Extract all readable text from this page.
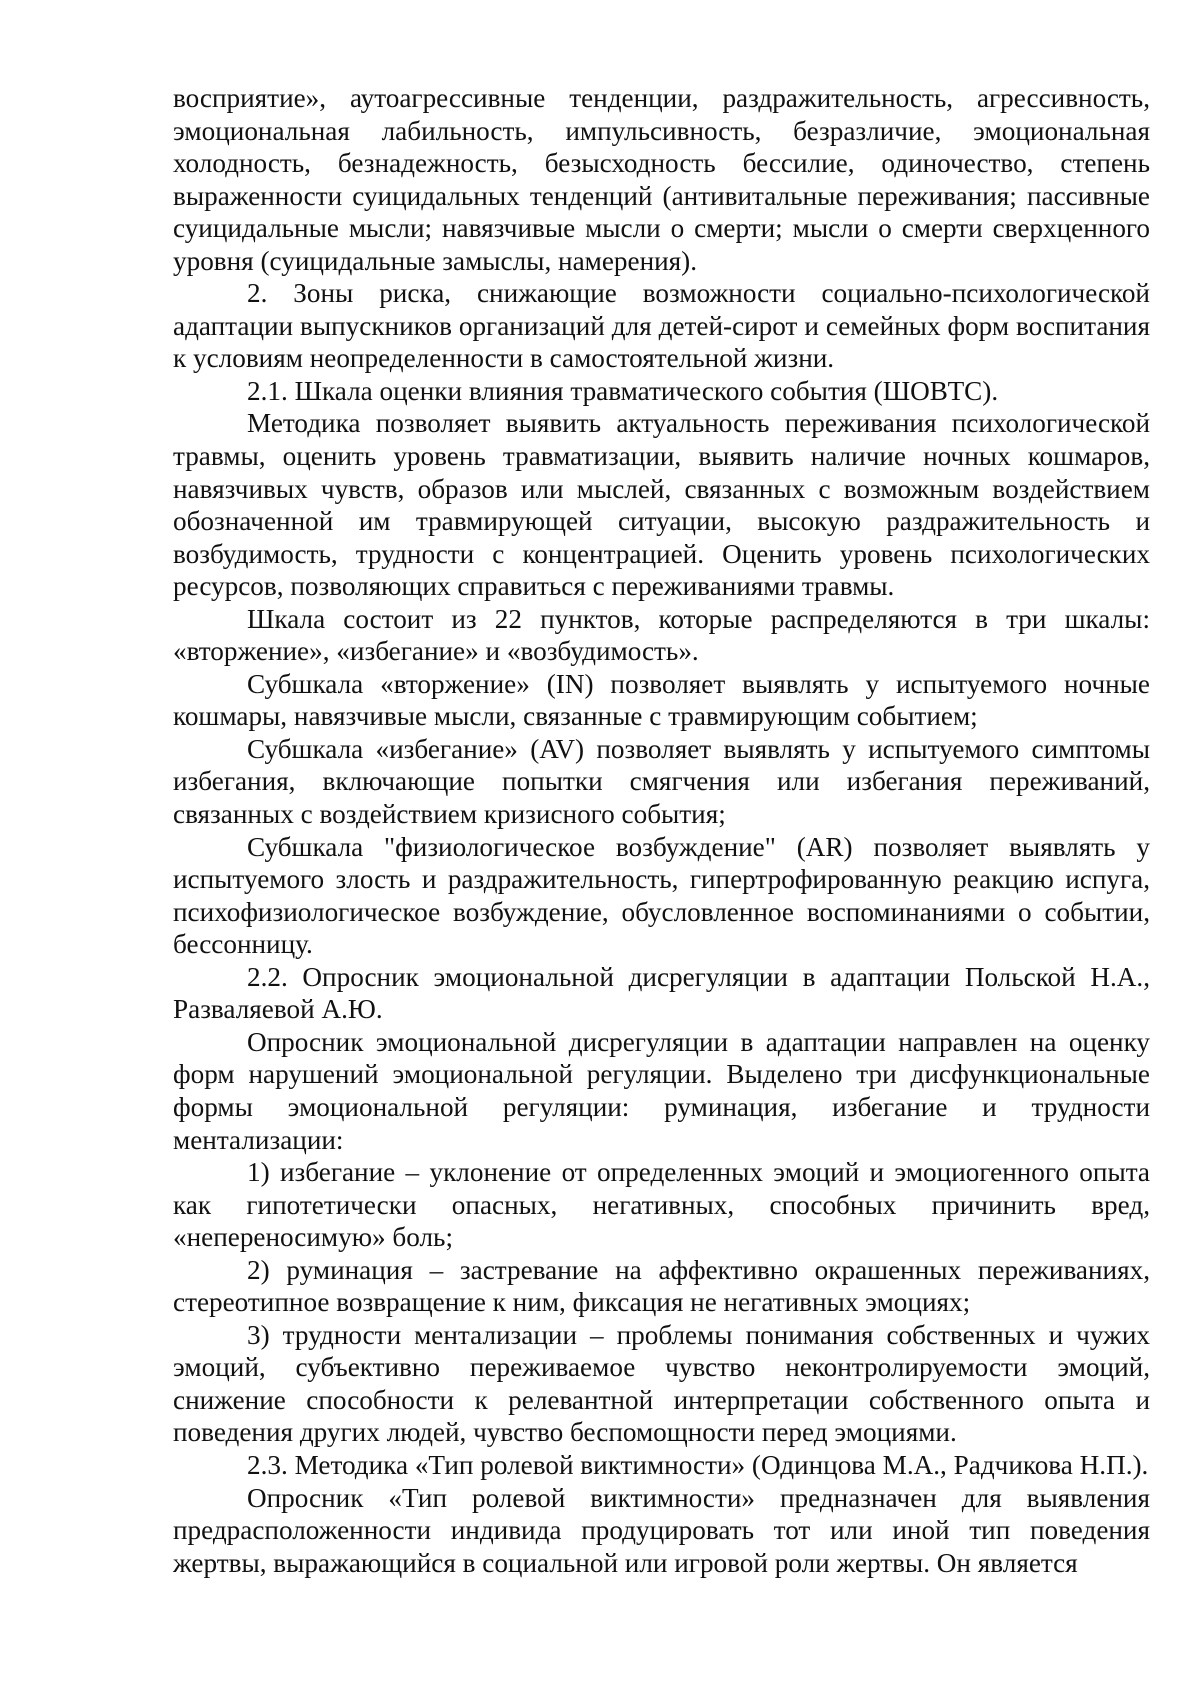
восприятие», аутоагрессивные тенденции, раздражительность, агрессивность, эмоциональная лабильность, импульсивность, безразличие, эмоциональная холодность, безнадежность, безысходность бессилие, одиночество, степень выраженности суицидальных тенденций (антивитальные переживания; пассивные суицидальные мысли; навязчивые мысли о смерти; мысли о смерти сверхценного уровня (суицидальные замыслы, намерения).

2. Зоны риска, снижающие возможности социально-психологической адаптации выпускников организаций для детей-сирот и семейных форм воспитания к условиям неопределенности в самостоятельной жизни.

2.1. Шкала оценки влияния травматического события (ШОВТС).

Методика позволяет выявить актуальность переживания психологической травмы, оценить уровень травматизации, выявить наличие ночных кошмаров, навязчивых чувств, образов или мыслей, связанных с возможным воздействием обозначенной им травмирующей ситуации, высокую раздражительность и возбудимость, трудности с концентрацией. Оценить уровень психологических ресурсов, позволяющих справиться с переживаниями травмы.

Шкала состоит из 22 пунктов, которые распределяются в три шкалы: «вторжение», «избегание» и «возбудимость».

Субшкала «вторжение» (IN) позволяет выявлять у испытуемого ночные кошмары, навязчивые мысли, связанные с травмирующим событием;

Субшкала «избегание» (AV) позволяет выявлять у испытуемого симптомы избегания, включающие попытки смягчения или избегания переживаний, связанных с воздействием кризисного события;

Субшкала "физиологическое возбуждение" (AR) позволяет выявлять у испытуемого злость и раздражительность, гипертрофированную реакцию испуга, психофизиологическое возбуждение, обусловленное воспоминаниями о событии, бессонницу.

2.2. Опросник эмоциональной дисрегуляции в адаптации Польской Н.А., Разваляевой А.Ю.

Опросник эмоциональной дисрегуляции в адаптации направлен на оценку форм нарушений эмоциональной регуляции. Выделено три дисфункциональные формы эмоциональной регуляции: руминация, избегание и трудности ментализации:

1) избегание – уклонение от определенных эмоций и эмоциогенного опыта как гипотетически опасных, негативных, способных причинить вред, «непереносимую» боль;

2) руминация – застревание на аффективно окрашенных переживаниях, стереотипное возвращение к ним, фиксация не негативных эмоциях;

3) трудности ментализации – проблемы понимания собственных и чужих эмоций, субъективно переживаемое чувство неконтролируемости эмоций, снижение способности к релевантной интерпретации собственного опыта и поведения других людей, чувство беспомощности перед эмоциями.

2.3. Методика «Тип ролевой виктимности» (Одинцова М.А., Радчикова Н.П.).

Опросник «Тип ролевой виктимности» предназначен для выявления предрасположенности индивида продуцировать тот или иной тип поведения жертвы, выражающийся в социальной или игровой роли жертвы. Он является
